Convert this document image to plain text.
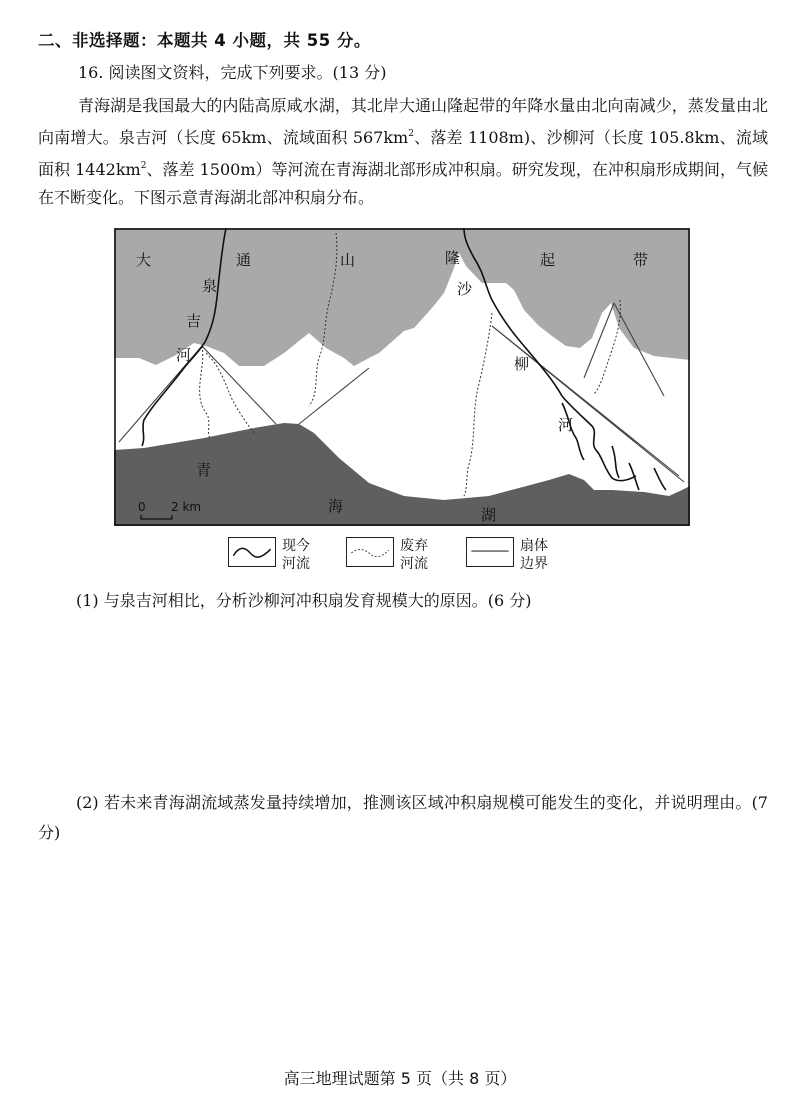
二、非选择题：本题共 4 小题，共 55 分。
16. 阅读图文资料，完成下列要求。(13 分)
青海湖是我国最大的内陆高原咸水湖，其北岸大通山隆起带的年降水量由北向南减少，蒸发量由北向南增大。泉吉河（长度 65km、流域面积 $567km^2$、落差 1108m)、沙柳河（长度 105.8km、流域面积 $1442km^2$、落差 1500m）等河流在青海湖北部形成冲积扇。研究发现，在冲积扇形成期间，气候在不断变化。下图示意青海湖北部冲积扇分布。
大	通	山	隆	起	带
泉
吉
河
沙
柳
河
青
海	湖
0 2 km
现今
河流
废弃
河流
扇体
边界
(1) 与泉吉河相比，分析沙柳河冲积扇发育规模大的原因。(6 分)
(2) 若未来青海湖流域蒸发量持续增加，推测该区域冲积扇规模可能发生的变化，并说明理由。(7 分)
高三地理试题第 5 页（共 8 页）
